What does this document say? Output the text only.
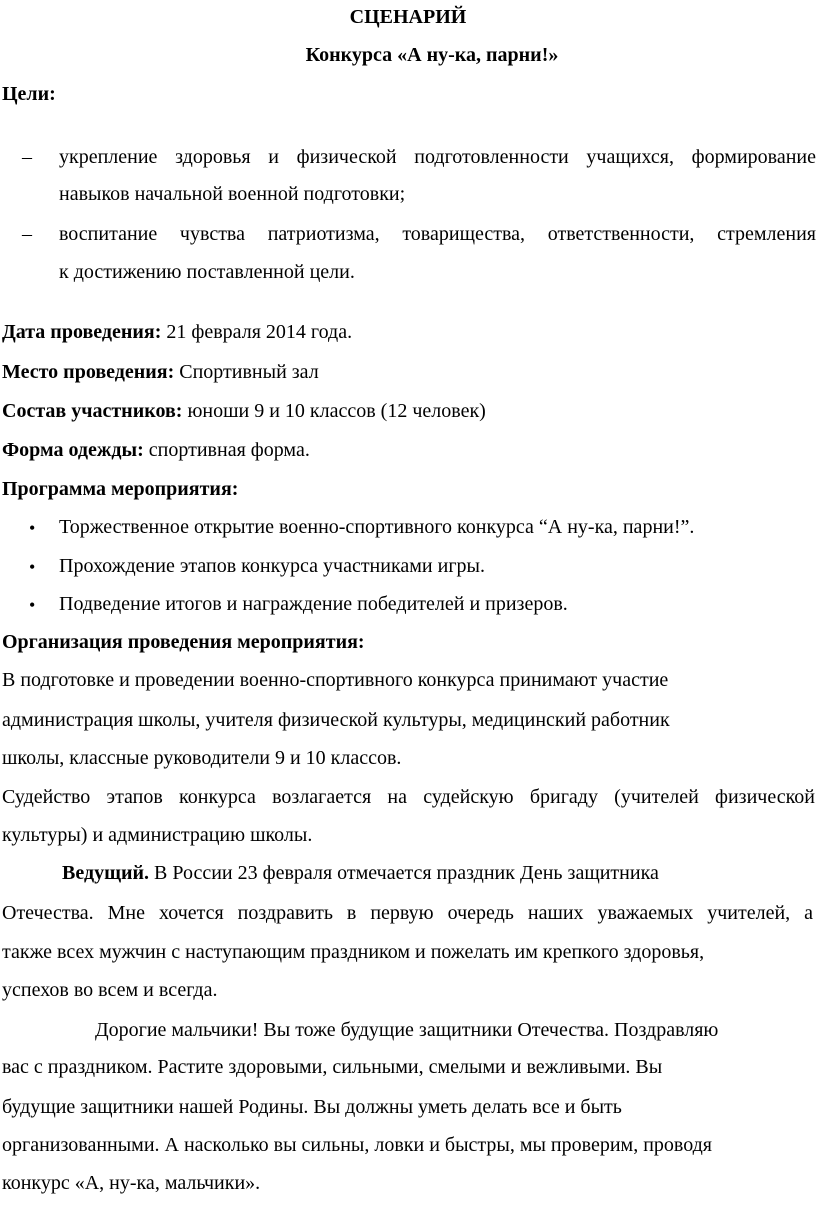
СЦЕНАРИЙ
Конкурса «А ну-ка, парни!»
Цели:
– укрепление здоровья и физической подготовленности учащихся, формирование
навыков начальной военной подготовки;
– воспитание чувства патриотизма, товарищества, ответственности, стремления
к достижению поставленной цели.
Дата проведения: 21 февраля 2014 года.
Место проведения: Спортивный зал
Состав участников: юноши 9 и 10 классов (12 человек)
Форма одежды: спортивная форма.
Программа мероприятия:
• Торжественное открытие военно-спортивного конкурса “А ну-ка, парни!”.
• Прохождение этапов конкурса участниками игры.
• Подведение итогов и награждение победителей и призеров.
Организация проведения мероприятия:
В подготовке и проведении военно-спортивного конкурса принимают участие
администрация школы, учителя физической культуры, медицинский работник
школы, классные руководители 9 и 10 классов.
Судейство этапов конкурса возлагается на судейскую бригаду (учителей физической
культуры) и администрацию школы.
Ведущий. В России 23 февраля отмечается праздник День защитника
Отечества. Мне хочется поздравить в первую очередь наших уважаемых учителей, а
также всех мужчин с наступающим праздником и пожелать им крепкого здоровья,
успехов во всем и всегда.
Дорогие мальчики! Вы тоже будущие защитники Отечества. Поздравляю
вас с праздником. Растите здоровыми, сильными, смелыми и вежливыми. Вы
будущие защитники нашей Родины. Вы должны уметь делать все и быть
организованными. А насколько вы сильны, ловки и быстры, мы проверим, проводя
конкурс «А, ну-ка, мальчики».
